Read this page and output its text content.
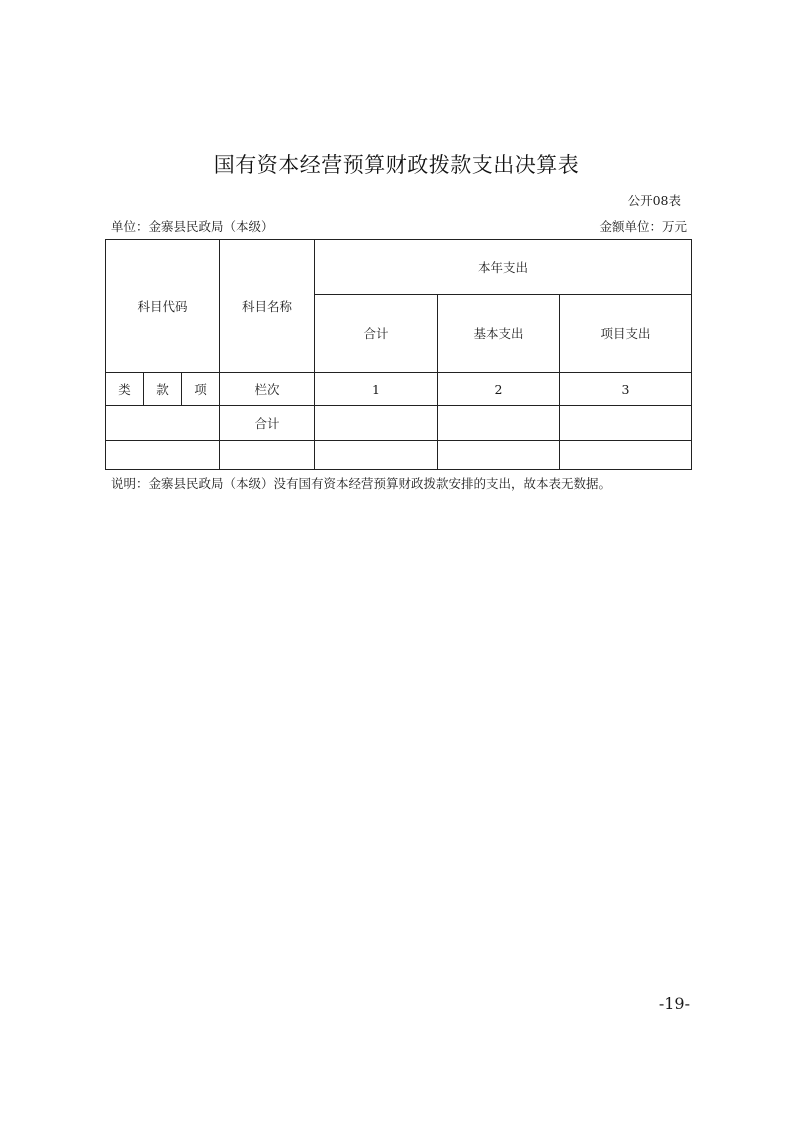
国有资本经营预算财政拨款支出决算表
公开08表
单位：金寨县民政局（本级）	金额单位：万元
科目代码			科目名称	本年支出		
				合计	基本支出	项目支出
类	款	项	栏次	1	2	3
			合计			

说明：金寨县民政局（本级）没有国有资本经营预算财政拨款安排的支出，故本表无数据。
-19-
